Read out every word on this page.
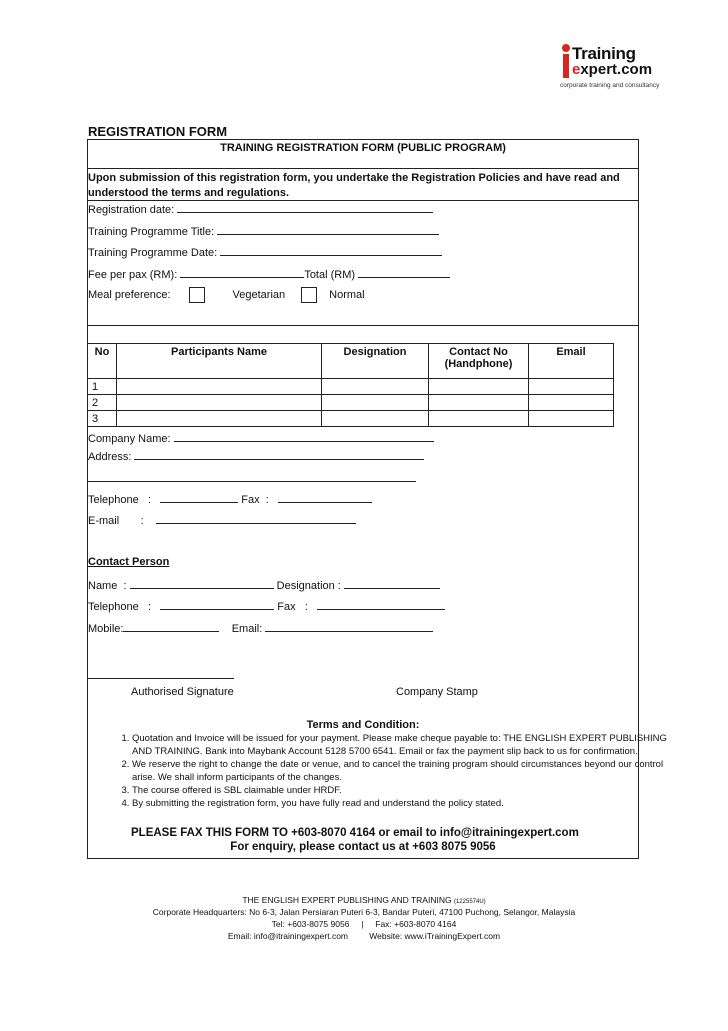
Training
expert.com
corporate training and consultancy
REGISTRATION FORM
TRAINING REGISTRATION FORM (PUBLIC PROGRAM)
Upon submission of this registration form, you undertake the Registration Policies and have read and understood the terms and regulations.
Registration date:
Training Programme Title:
Training Programme Date:
Fee per pax (RM):	Total (RM)
Meal preference:	Vegetarian	Normal
No	Participants Name	Designation	Contact No (Handphone)	Email
1				
2				
3				
Company Name:
Address:
Telephone :	Fax :
E-mail :
Contact Person
Name :	Designation :
Telephone :	Fax :
Mobile:	Email:
Authorised Signature	Company Stamp
Terms and Condition:
1. Quotation and Invoice will be issued for your payment. Please make cheque payable to: THE ENGLISH EXPERT PUBLISHING AND TRAINING. Bank into Maybank Account 5128 5700 6541. Email or fax the payment slip back to us for confirmation.
2. We reserve the right to change the date or venue, and to cancel the training program should circumstances beyond our control arise. We shall inform participants of the changes.
3. The course offered is SBL claimable under HRDF.
4. By submitting the registration form, you have fully read and understand the policy stated.
PLEASE FAX THIS FORM TO +603-8070 4164 or email to info@itrainingexpert.com
For enquiry, please contact us at +603 8075 9056
THE ENGLISH EXPERT PUBLISHING AND TRAINING (1225574U)
Corporate Headquarters: No 6-3, Jalan Persiaran Puteri 6-3, Bandar Puteri, 47100 Puchong, Selangor, Malaysia
Tel: +603-8075 9056 | Fax: +603-8070 4164
Email: info@itrainingexpert.com	Website: www.iTrainingExpert.com
